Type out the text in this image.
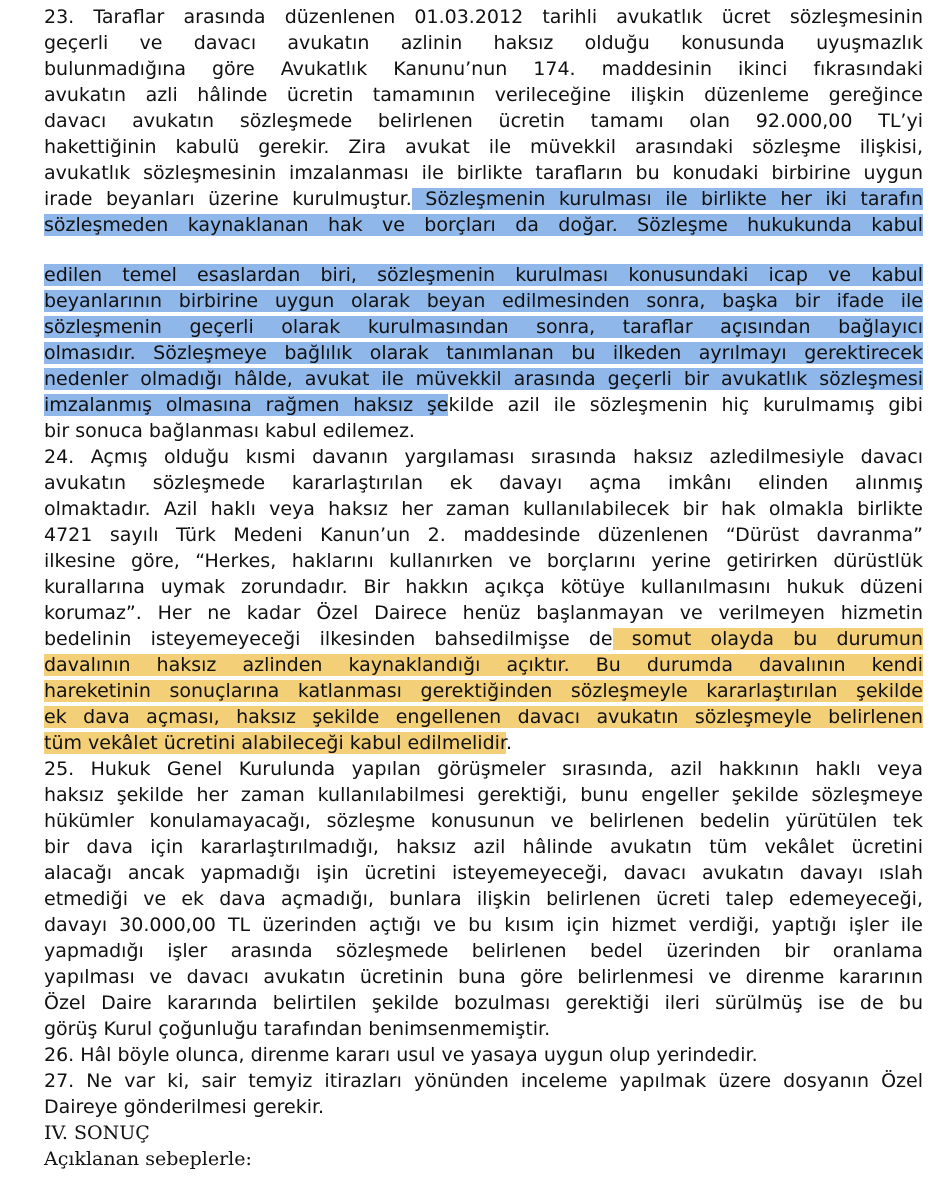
23. Taraflar arasında düzenlenen 01.03.2012 tarihli avukatlık ücret sözleşmesinin
geçerli ve davacı avukatın azlinin haksız olduğu konusunda uyuşmazlık
bulunmadığına göre Avukatlık Kanunu’nun 174. maddesinin ikinci fıkrasındaki
avukatın azli hâlinde ücretin tamamının verileceğine ilişkin düzenleme gereğince
davacı avukatın sözleşmede belirlenen ücretin tamamı olan 92.000,00 TL’yi
hakettiğinin kabulü gerekir. Zira avukat ile müvekkil arasındaki sözleşme ilişkisi,
avukatlık sözleşmesinin imzalanması ile birlikte tarafların bu konudaki birbirine uygun
irade beyanları üzerine kurulmuştur. Sözleşmenin kurulması ile birlikte her iki tarafın
sözleşmeden kaynaklanan hak ve borçları da doğar. Sözleşme hukukunda kabul
edilen temel esaslardan biri, sözleşmenin kurulması konusundaki icap ve kabul
beyanlarının birbirine uygun olarak beyan edilmesinden sonra, başka bir ifade ile
sözleşmenin geçerli olarak kurulmasından sonra, taraflar açısından bağlayıcı
olmasıdır. Sözleşmeye bağlılık olarak tanımlanan bu ilkeden ayrılmayı gerektirecek
nedenler olmadığı hâlde, avukat ile müvekkil arasında geçerli bir avukatlık sözleşmesi
imzalanmış olmasına rağmen haksız şekilde azil ile sözleşmenin hiç kurulmamış gibi
bir sonuca bağlanması kabul edilemez.
24. Açmış olduğu kısmi davanın yargılaması sırasında haksız azledilmesiyle davacı
avukatın sözleşmede kararlaştırılan ek davayı açma imkânı elinden alınmış
olmaktadır. Azil haklı veya haksız her zaman kullanılabilecek bir hak olmakla birlikte
4721 sayılı Türk Medeni Kanun’un 2. maddesinde düzenlenen “Dürüst davranma”
ilkesine göre, “Herkes, haklarını kullanırken ve borçlarını yerine getirirken dürüstlük
kurallarına uymak zorundadır. Bir hakkın açıkça kötüye kullanılmasını hukuk düzeni
korumaz”. Her ne kadar Özel Dairece henüz başlanmayan ve verilmeyen hizmetin
bedelinin isteyemeyeceği ilkesinden bahsedilmişse de somut olayda bu durumun
davalının haksız azlinden kaynaklandığı açıktır. Bu durumda davalının kendi
hareketinin sonuçlarına katlanması gerektiğinden sözleşmeyle kararlaştırılan şekilde
ek dava açması, haksız şekilde engellenen davacı avukatın sözleşmeyle belirlenen
tüm vekâlet ücretini alabileceği kabul edilmelidir.
25. Hukuk Genel Kurulunda yapılan görüşmeler sırasında, azil hakkının haklı veya
haksız şekilde her zaman kullanılabilmesi gerektiği, bunu engeller şekilde sözleşmeye
hükümler konulamayacağı, sözleşme konusunun ve belirlenen bedelin yürütülen tek
bir dava için kararlaştırılmadığı, haksız azil hâlinde avukatın tüm vekâlet ücretini
alacağı ancak yapmadığı işin ücretini isteyemeyeceği, davacı avukatın davayı ıslah
etmediği ve ek dava açmadığı, bunlara ilişkin belirlenen ücreti talep edemeyeceği,
davayı 30.000,00 TL üzerinden açtığı ve bu kısım için hizmet verdiği, yaptığı işler ile
yapmadığı işler arasında sözleşmede belirlenen bedel üzerinden bir oranlama
yapılması ve davacı avukatın ücretinin buna göre belirlenmesi ve direnme kararının
Özel Daire kararında belirtilen şekilde bozulması gerektiği ileri sürülmüş ise de bu
görüş Kurul çoğunluğu tarafından benimsenmemiştir.
26. Hâl böyle olunca, direnme kararı usul ve yasaya uygun olup yerindedir.
27. Ne var ki, sair temyiz itirazları yönünden inceleme yapılmak üzere dosyanın Özel
Daireye gönderilmesi gerekir.
IV. SONUÇ
Açıklanan sebeplerle:
